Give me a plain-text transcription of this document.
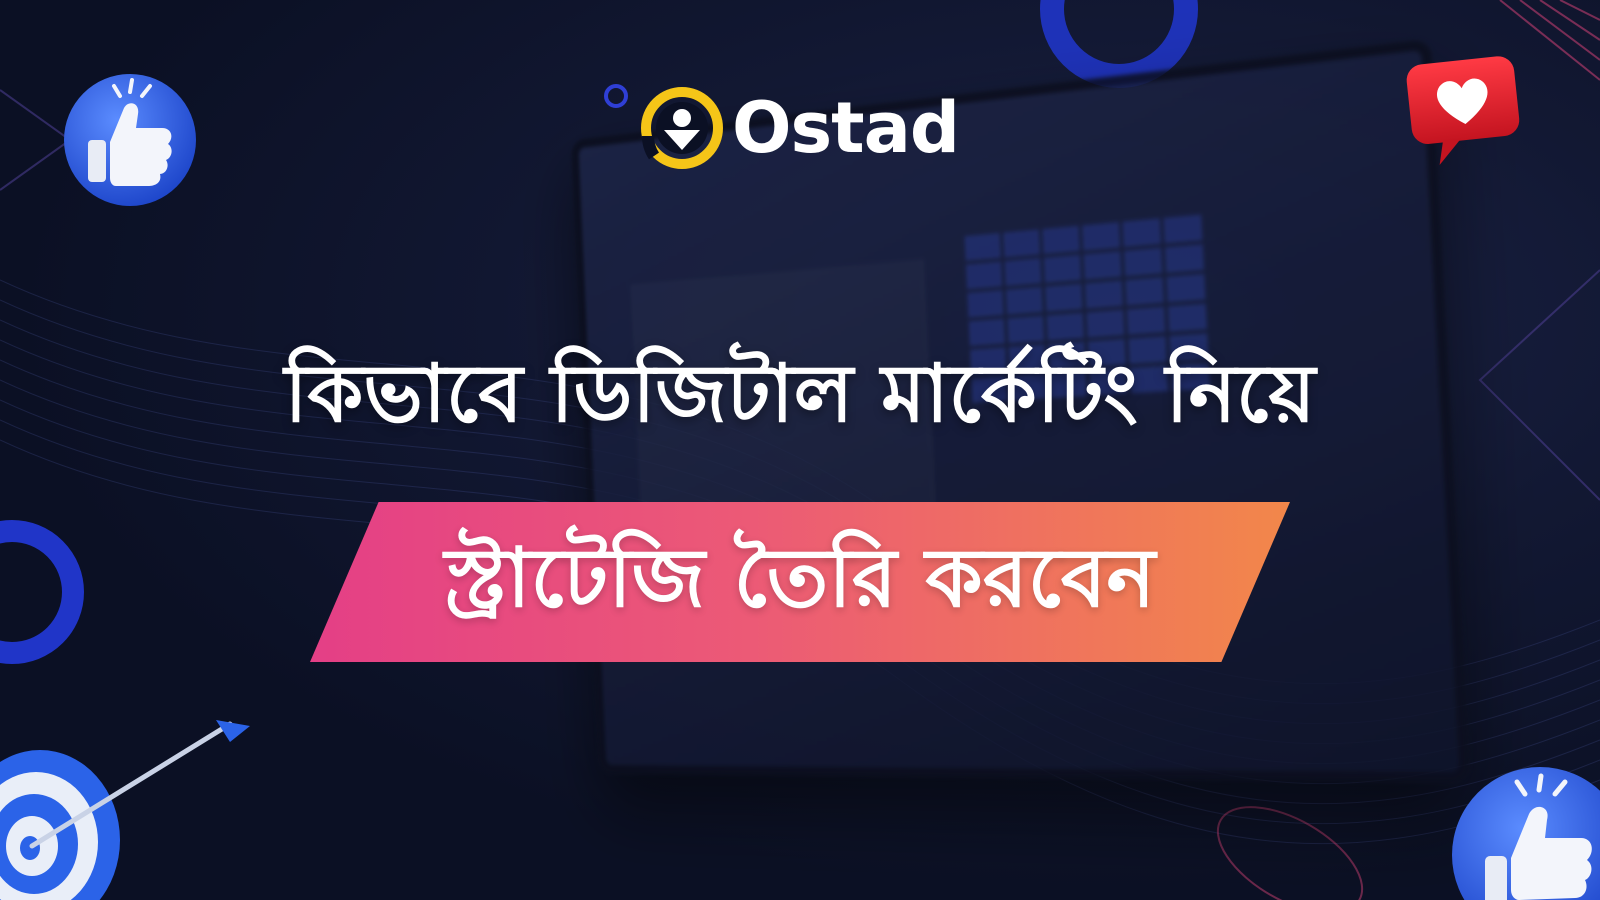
Ostad
কিভাবে ডিজিটাল মার্কেটিং নিয়ে
স্ট্রাটেজি তৈরি করবেন
